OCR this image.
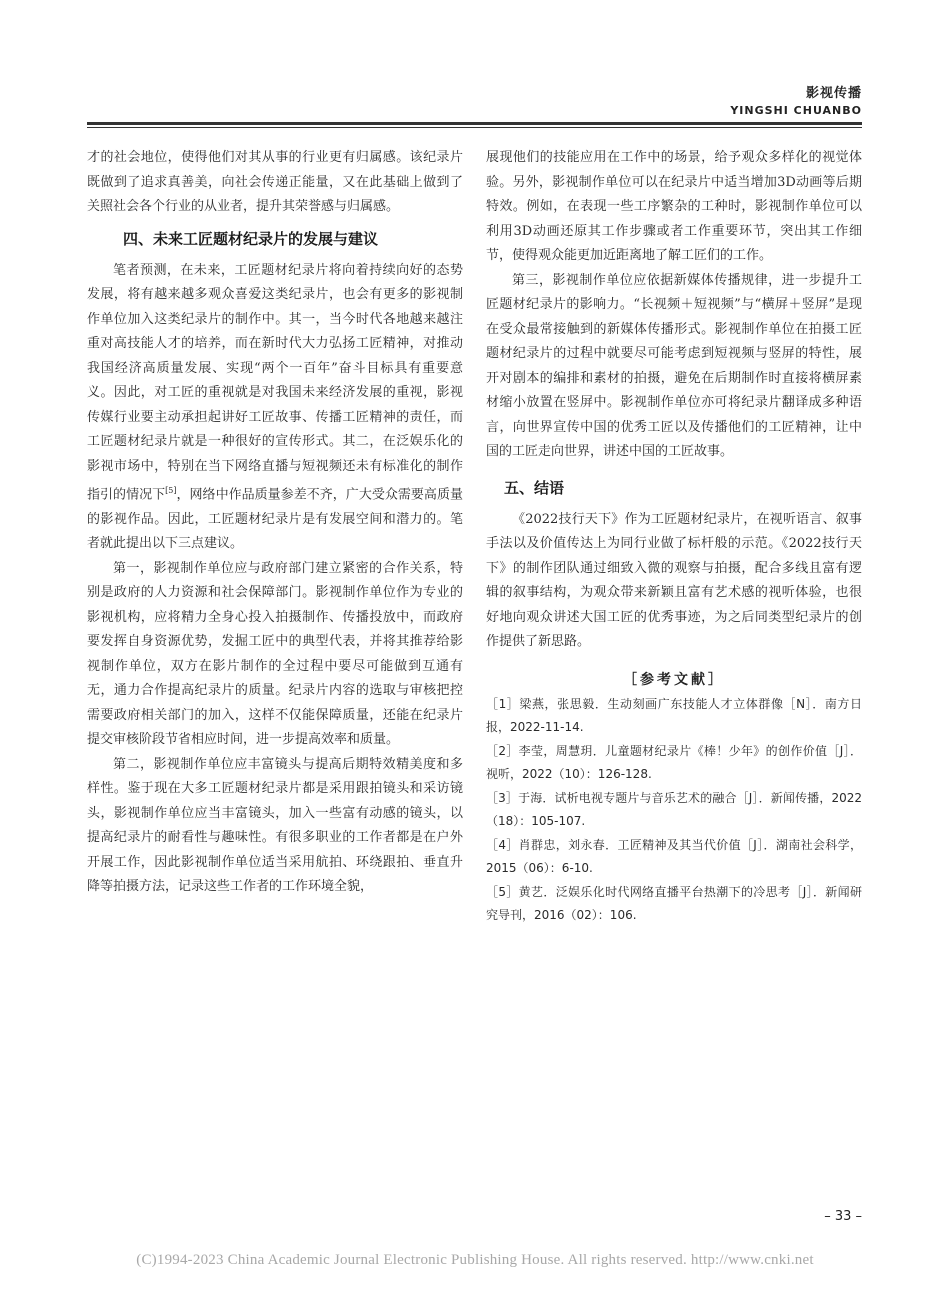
影视传播
YINGSHI CHUANBO

才的社会地位，使得他们对其从事的行业更有归属感。该纪录片既做到了追求真善美，向社会传递正能量，又在此基础上做到了关照社会各个行业的从业者，提升其荣誉感与归属感。

四、未来工匠题材纪录片的发展与建议

笔者预测，在未来，工匠题材纪录片将向着持续向好的态势发展，将有越来越多观众喜爱这类纪录片，也会有更多的影视制作单位加入这类纪录片的制作中。其一，当今时代各地越来越注重对高技能人才的培养，而在新时代大力弘扬工匠精神，对推动我国经济高质量发展、实现“两个一百年”奋斗目标具有重要意义。因此，对工匠的重视就是对我国未来经济发展的重视，影视传媒行业要主动承担起讲好工匠故事、传播工匠精神的责任，而工匠题材纪录片就是一种很好的宣传形式。其二，在泛娱乐化的影视市场中，特别在当下网络直播与短视频还未有标准化的制作指引的情况下[5]，网络中作品质量参差不齐，广大受众需要高质量的影视作品。因此，工匠题材纪录片是有发展空间和潜力的。笔者就此提出以下三点建议。

第一，影视制作单位应与政府部门建立紧密的合作关系，特别是政府的人力资源和社会保障部门。影视制作单位作为专业的影视机构，应将精力全身心投入拍摄制作、传播投放中，而政府要发挥自身资源优势，发掘工匠中的典型代表，并将其推荐给影视制作单位，双方在影片制作的全过程中要尽可能做到互通有无，通力合作提高纪录片的质量。纪录片内容的选取与审核把控需要政府相关部门的加入，这样不仅能保障质量，还能在纪录片提交审核阶段节省相应时间，进一步提高效率和质量。

第二，影视制作单位应丰富镜头与提高后期特效精美度和多样性。鉴于现在大多工匠题材纪录片都是采用跟拍镜头和采访镜头，影视制作单位应当丰富镜头，加入一些富有动感的镜头，以提高纪录片的耐看性与趣味性。有很多职业的工作者都是在户外开展工作，因此影视制作单位适当采用航拍、环绕跟拍、垂直升降等拍摄方法，记录这些工作者的工作环境全貌，

展现他们的技能应用在工作中的场景，给予观众多样化的视觉体验。另外，影视制作单位可以在纪录片中适当增加3D动画等后期特效。例如，在表现一些工序繁杂的工种时，影视制作单位可以利用3D动画还原其工作步骤或者工作重要环节，突出其工作细节，使得观众能更加近距离地了解工匠们的工作。

第三，影视制作单位应依据新媒体传播规律，进一步提升工匠题材纪录片的影响力。“长视频＋短视频”与“横屏＋竖屏”是现在受众最常接触到的新媒体传播形式。影视制作单位在拍摄工匠题材纪录片的过程中就要尽可能考虑到短视频与竖屏的特性，展开对剧本的编排和素材的拍摄，避免在后期制作时直接将横屏素材缩小放置在竖屏中。影视制作单位亦可将纪录片翻译成多种语言，向世界宣传中国的优秀工匠以及传播他们的工匠精神，让中国的工匠走向世界，讲述中国的工匠故事。

五、结语

《2022技行天下》作为工匠题材纪录片，在视听语言、叙事手法以及价值传达上为同行业做了标杆般的示范。《2022技行天下》的制作团队通过细致入微的观察与拍摄，配合多线且富有逻辑的叙事结构，为观众带来新颖且富有艺术感的视听体验，也很好地向观众讲述大国工匠的优秀事迹，为之后同类型纪录片的创作提供了新思路。

［参考文献］
［1］梁燕，张思毅．生动刻画广东技能人才立体群像［N］．南方日报，2022-11-14.
［2］李莹，周慧玥．儿童题材纪录片《棒！少年》的创作价值［J］．视听，2022（10）：126-128.
［3］于海．试析电视专题片与音乐艺术的融合［J］．新闻传播，2022（18）：105-107.
［4］肖群忠，刘永春．工匠精神及其当代价值［J］．湖南社会科学，2015（06）：6-10.
［5］黄艺．泛娱乐化时代网络直播平台热潮下的冷思考［J］．新闻研究导刊，2016（02）：106.
– 33 –
(C)1994-2023 China Academic Journal Electronic Publishing House. All rights reserved. http://www.cnki.net
